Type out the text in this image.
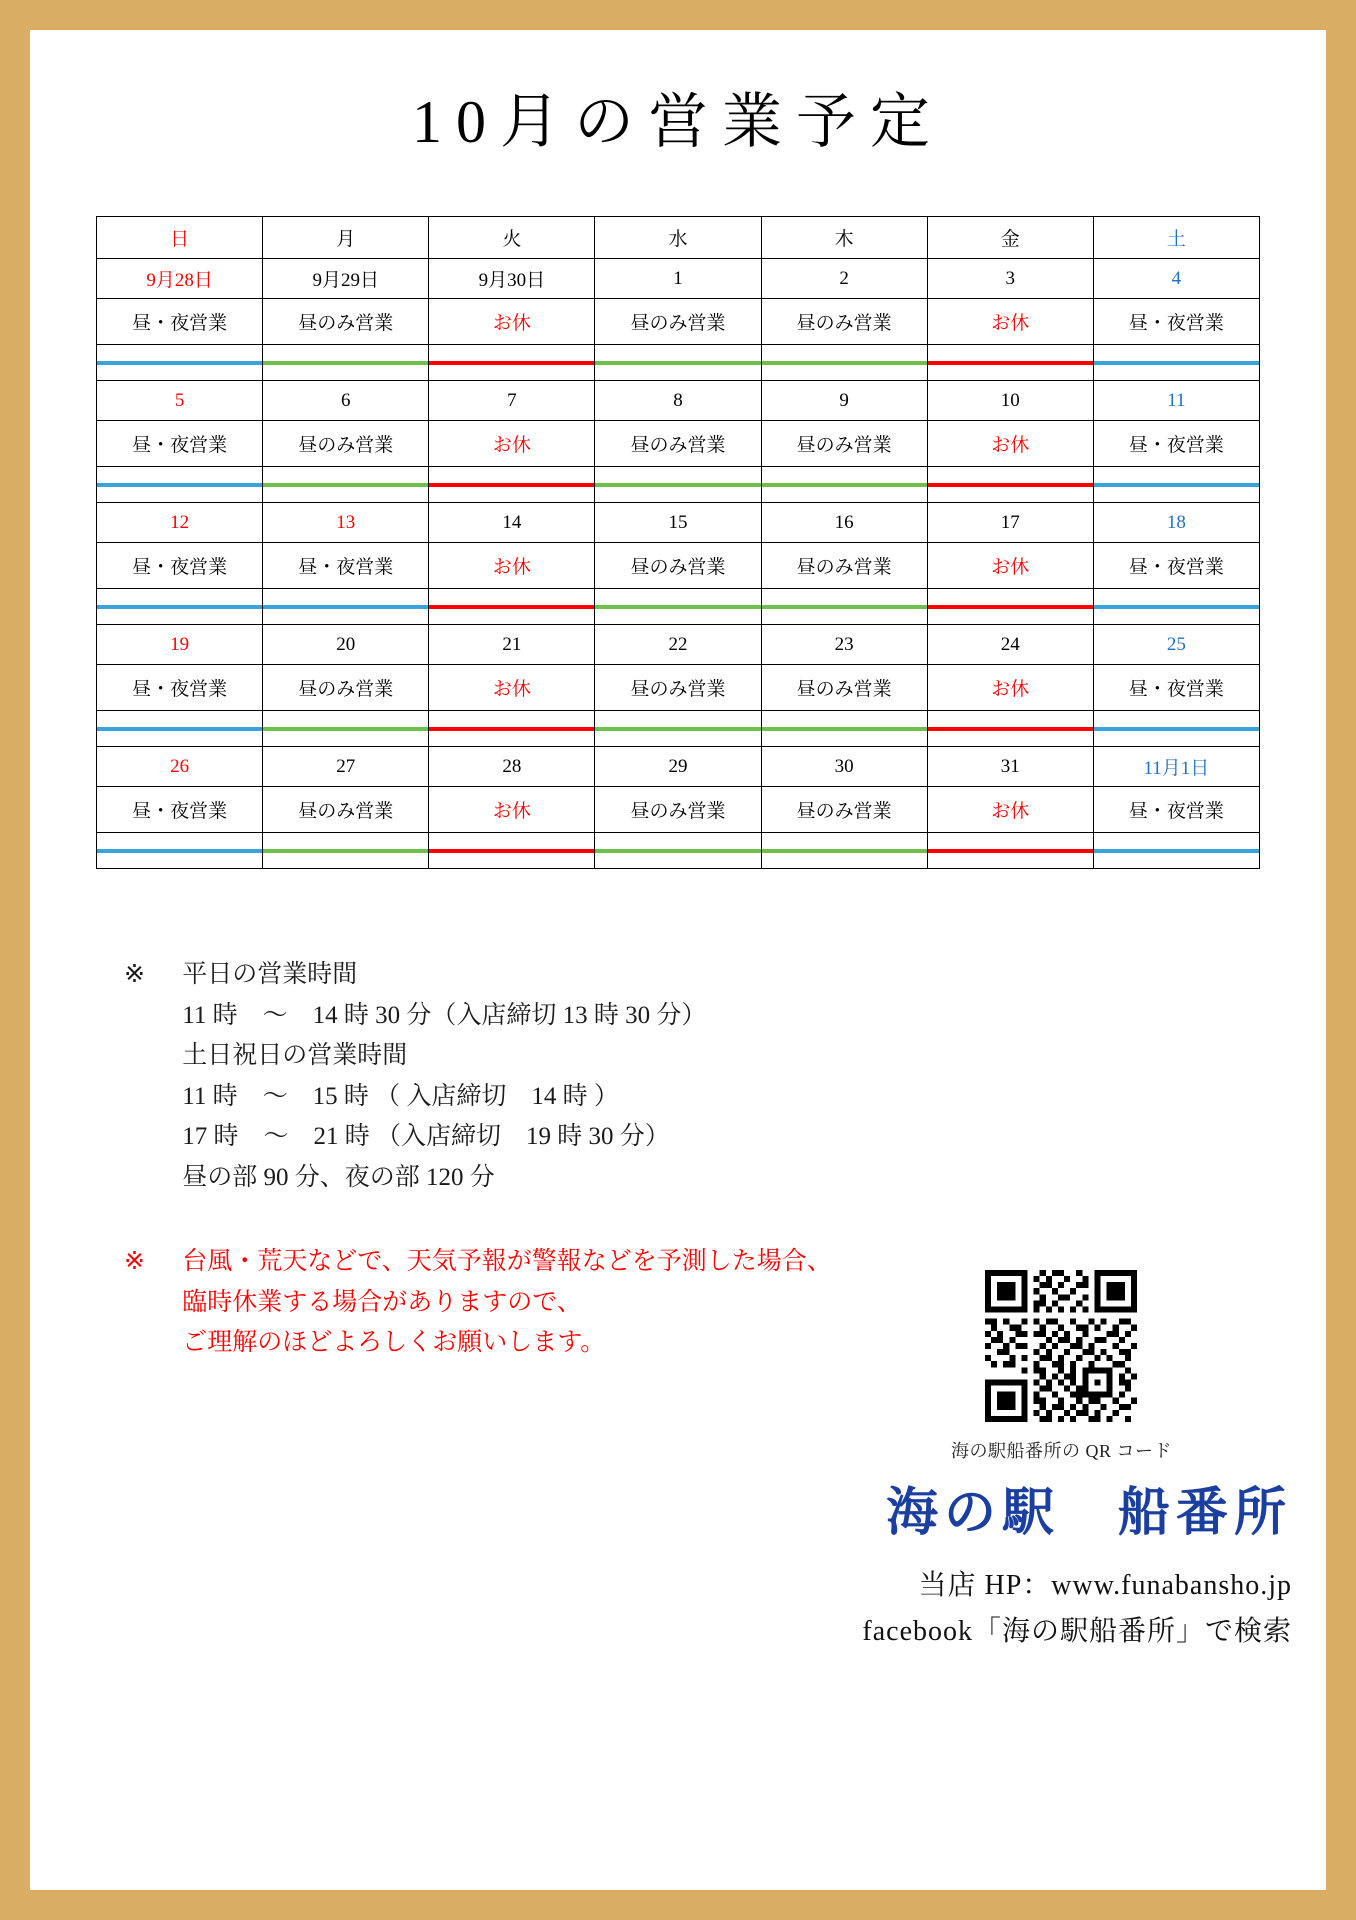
10月の営業予定
日	月	火	水	木	金	土
9月28日	9月29日	9月30日	1	2	3	4
昼・夜営業	昼のみ営業	お休	昼のみ営業	昼のみ営業	お休	昼・夜営業

5	6	7	8	9	10	11
昼・夜営業	昼のみ営業	お休	昼のみ営業	昼のみ営業	お休	昼・夜営業

12	13	14	15	16	17	18
昼・夜営業	昼・夜営業	お休	昼のみ営業	昼のみ営業	お休	昼・夜営業

19	20	21	22	23	24	25
昼・夜営業	昼のみ営業	お休	昼のみ営業	昼のみ営業	お休	昼・夜営業

26	27	28	29	30	31	11月1日
昼・夜営業	昼のみ営業	お休	昼のみ営業	昼のみ営業	お休	昼・夜営業

※ 平日の営業時間
11 時　〜　14 時 30 分（入店締切 13 時 30 分）
土日祝日の営業時間
11 時　〜　15 時 （ 入店締切　14 時 ）
17 時　〜　21 時 （入店締切　19 時 30 分）
昼の部 90 分、夜の部 120 分
※ 台風・荒天などで、天気予報が警報などを予測した場合、
臨時休業する場合がありますので、
ご理解のほどよろしくお願いします。
海の駅船番所の QR コード
海の駅　船番所
当店 HP：www.funabansho.jp
facebook「海の駅船番所」で検索
